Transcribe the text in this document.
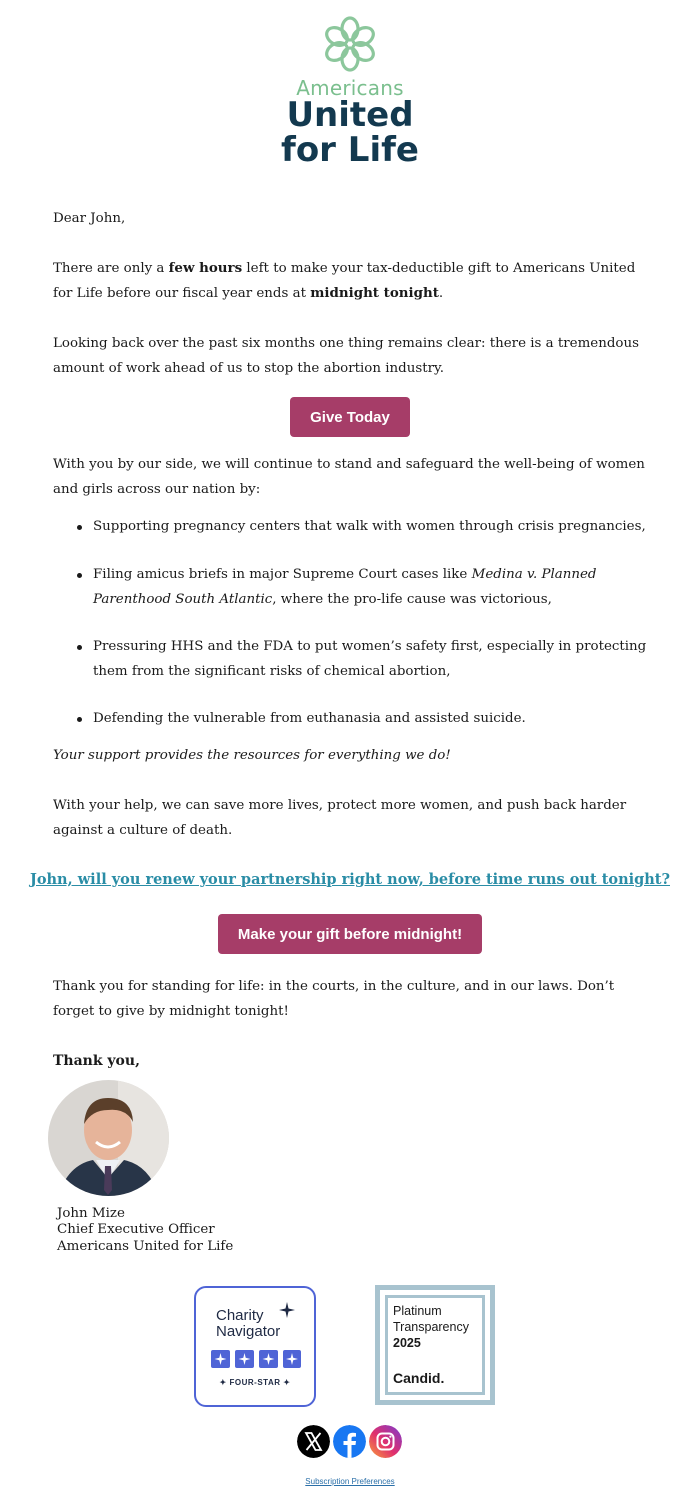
Americans
United
for Life
Dear John,
There are only a few hours left to make your tax-deductible gift to Americans United for Life before our fiscal year ends at midnight tonight.
Looking back over the past six months one thing remains clear: there is a tremendous amount of work ahead of us to stop the abortion industry.
Give Today
With you by our side, we will continue to stand and safeguard the well-being of women and girls across our nation by:
Supporting pregnancy centers that walk with women through crisis pregnancies,
Filing amicus briefs in major Supreme Court cases like Medina v. Planned Parenthood South Atlantic, where the pro-life cause was victorious,
Pressuring HHS and the FDA to put women’s safety first, especially in protecting them from the significant risks of chemical abortion,
Defending the vulnerable from euthanasia and assisted suicide.
Your support provides the resources for everything we do!
With your help, we can save more lives, protect more women, and push back harder against a culture of death.
John, will you renew your partnership right now, before time runs out tonight?
Make your gift before midnight!
Thank you for standing for life: in the courts, in the culture, and in our laws. Don’t forget to give by midnight tonight!
Thank you,
John Mize
Chief Executive Officer
Americans United for Life
Charity
Navigator
✦ FOUR-STAR ✦
Platinum
Transparency
2025
Candid.
Subscription Preferences
